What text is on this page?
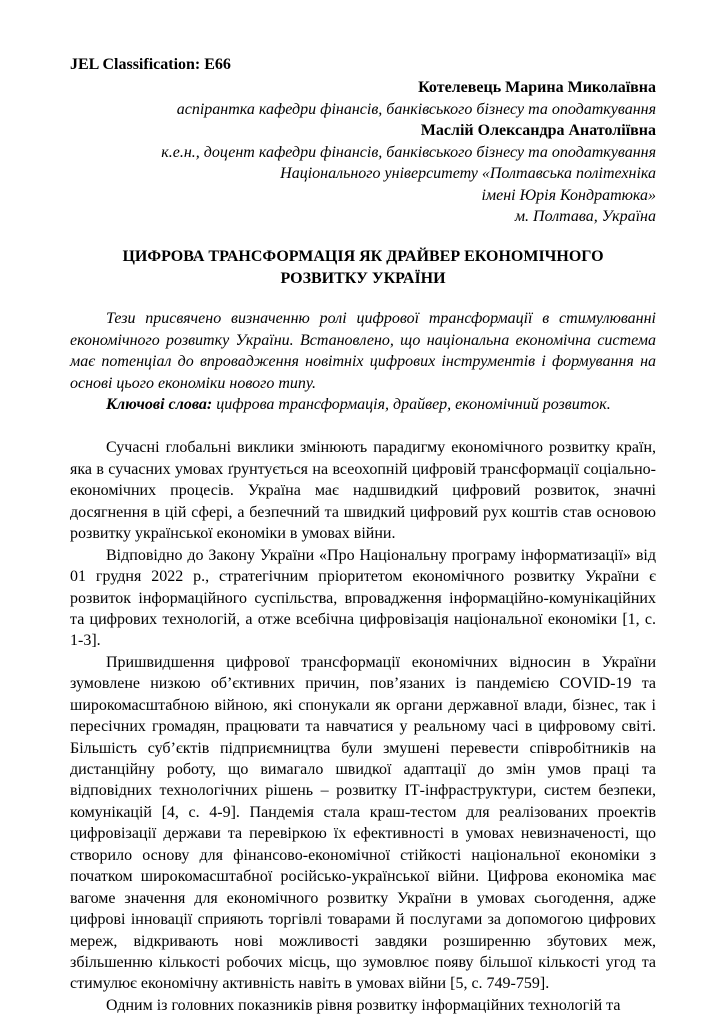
JEL Classification: E66

Котелевець Марина Миколаївна

аспірантка кафедри фінансів, банківського бізнесу та оподаткування

Маслій Олександра Анатоліївна

к.е.н., доцент кафедри фінансів, банківського бізнесу та оподаткування

Національного університету «Полтавська політехніка

імені Юрія Кондратюка»

м. Полтава, Україна

ЦИФРОВА ТРАНСФОРМАЦІЯ ЯК ДРАЙВЕР ЕКОНОМІЧНОГО РОЗВИТКУ УКРАЇНИ

Тези присвячено визначенню ролі цифрової трансформації в стимулюванні економічного розвитку України. Встановлено, що національна економічна система має потенціал до впровадження новітніх цифрових інструментів і формування на основі цього економіки нового типу.

Ключові слова: цифрова трансформація, драйвер, економічний розвиток.

Сучасні глобальні виклики змінюють парадигму економічного розвитку країн, яка в сучасних умовах ґрунтується на всеохопній цифровій трансформації соціально-економічних процесів. Україна має надшвидкий цифровий розвиток, значні досягнення в цій сфері, а безпечний та швидкий цифровий рух коштів став основою розвитку української економіки в умовах війни.

Відповідно до Закону України «Про Національну програму інформатизації» від 01 грудня 2022 р., стратегічним пріоритетом економічного розвитку України є розвиток інформаційного суспільства, впровадження інформаційно-комунікаційних та цифрових технологій, а отже всебічна цифровізація національної економіки [1, с. 1-3].

Пришвидшення цифрової трансформації економічних відносин в України зумовлене низкою об’єктивних причин, пов’язаних із пандемією COVID-19 та широкомасштабною війною, які спонукали як органи державної влади, бізнес, так і пересічних громадян, працювати та навчатися у реальному часі в цифровому світі. Більшість суб’єктів підприємництва були змушені перевести співробітників на дистанційну роботу, що вимагало швидкої адаптації до змін умов праці та відповідних технологічних рішень – розвитку ІТ-інфраструктури, систем безпеки, комунікацій [4, с. 4-9]. Пандемія стала краш-тестом для реалізованих проектів цифровізації держави та перевіркою їх ефективності в умовах невизначеності, що створило основу для фінансово-економічної стійкості національної економіки з початком широкомасштабної російсько-української війни. Цифрова економіка має вагоме значення для економічного розвитку України в умовах сьогодення, адже цифрові інновації сприяють торгівлі товарами й послугами за допомогою цифрових мереж, відкривають нові можливості завдяки розширенню збутових меж, збільшенню кількості робочих місць, що зумовлює появу більшої кількості угод та стимулює економічну активність навіть в умовах війни [5, с. 749-759].

Одним із головних показників рівня розвитку інформаційних технологій та
